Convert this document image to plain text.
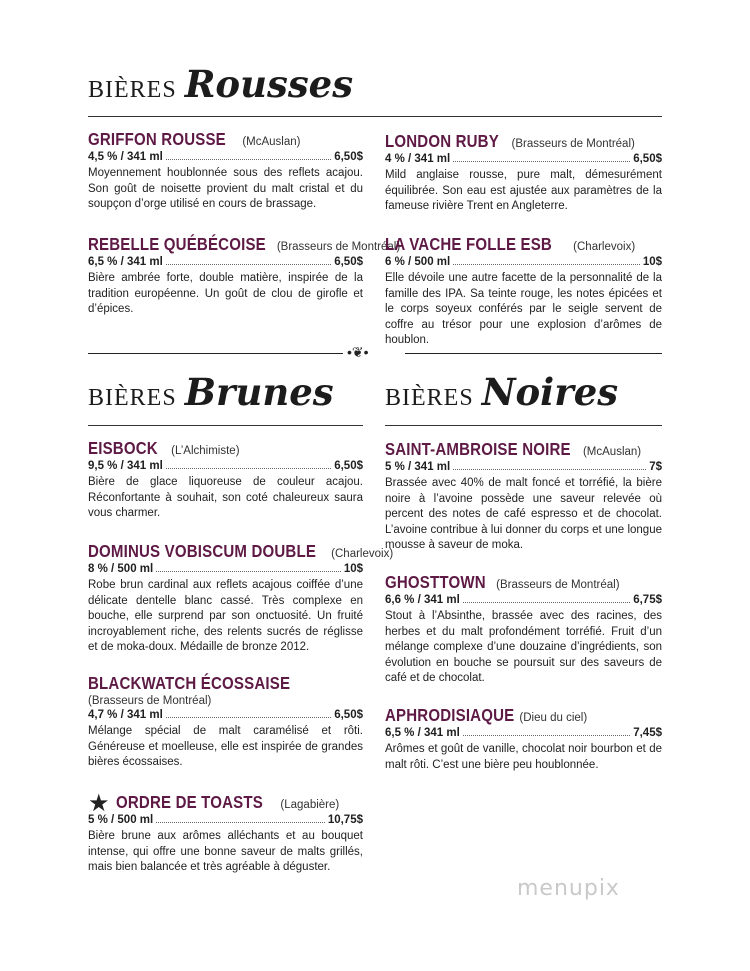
BIÈRES Rousses
GRIFFON ROUSSE (McAuslan)
4,5 % / 341 ml	6,50$
Moyennement houblonnée sous des reflets acajou. Son goût de noisette provient du malt cristal et du soupçon d’orge utilisé en cours de brassage.
REBELLE QUÉBÉCOISE (Brasseurs de Montréal)
6,5 % / 341 ml	6,50$
Bière ambrée forte, double matière, inspirée de la tradition européenne. Un goût de clou de girofle et d’épices.
LONDON RUBY (Brasseurs de Montréal)
4 % / 341 ml	6,50$
Mild anglaise rousse, pure malt, démesurément équilibrée. Son eau est ajustée aux paramètres de la fameuse rivière Trent en Angleterre.
LA VACHE FOLLE ESB (Charlevoix)
6 % / 500 ml	10$
Elle dévoile une autre facette de la personnalité de la famille des IPA. Sa teinte rouge, les notes épicées et le corps soyeux conférés par le seigle servent de coffre au trésor pour une explosion d’arômes de houblon.
•❦•
BIÈRES Brunes
EISBOCK (L’Alchimiste)
9,5 % / 341 ml	6,50$
Bière de glace liquoreuse de couleur acajou. Réconfortante à souhait, son coté chaleureux saura vous charmer.
DOMINUS VOBISCUM DOUBLE (Charlevoix)
8 % / 500 ml	10$
Robe brun cardinal aux reflets acajous coiffée d’une délicate dentelle blanc cassé. Très complexe en bouche, elle surprend par son onctuosité. Un fruité incroyablement riche, des relents sucrés de réglisse et de moka-doux. Médaille de bronze 2012.
BLACKWATCH ÉCOSSAISE
(Brasseurs de Montréal)
4,7 % / 341 ml	6,50$
Mélange spécial de malt caramélisé et rôti. Généreuse et moelleuse, elle est inspirée de grandes bières écossaises.
★ ORDRE DE TOASTS (Lagabière)
5 % / 500 ml	10,75$
Bière brune aux arômes alléchants et au bouquet intense, qui offre une bonne saveur de malts grillés, mais bien balancée et très agréable à déguster.
BIÈRES Noires
SAINT-AMBROISE NOIRE (McAuslan)
5 % / 341 ml	7$
Brassée avec 40% de malt foncé et torréfié, la bière noire à l’avoine possède une saveur relevée où percent des notes de café espresso et de chocolat. L’avoine contribue à lui donner du corps et une longue mousse à saveur de moka.
GHOSTTOWN (Brasseurs de Montréal)
6,6 % / 341 ml	6,75$
Stout à l’Absinthe, brassée avec des racines, des herbes et du malt profondément torréfié. Fruit d’un mélange complexe d’une douzaine d’ingrédients, son évolution en bouche se poursuit sur des saveurs de café et de chocolat.
APHRODISIAQUE (Dieu du ciel)
6,5 % / 341 ml	7,45$
Arômes et goût de vanille, chocolat noir bourbon et de malt rôti. C’est une bière peu houblonnée.
menupix
